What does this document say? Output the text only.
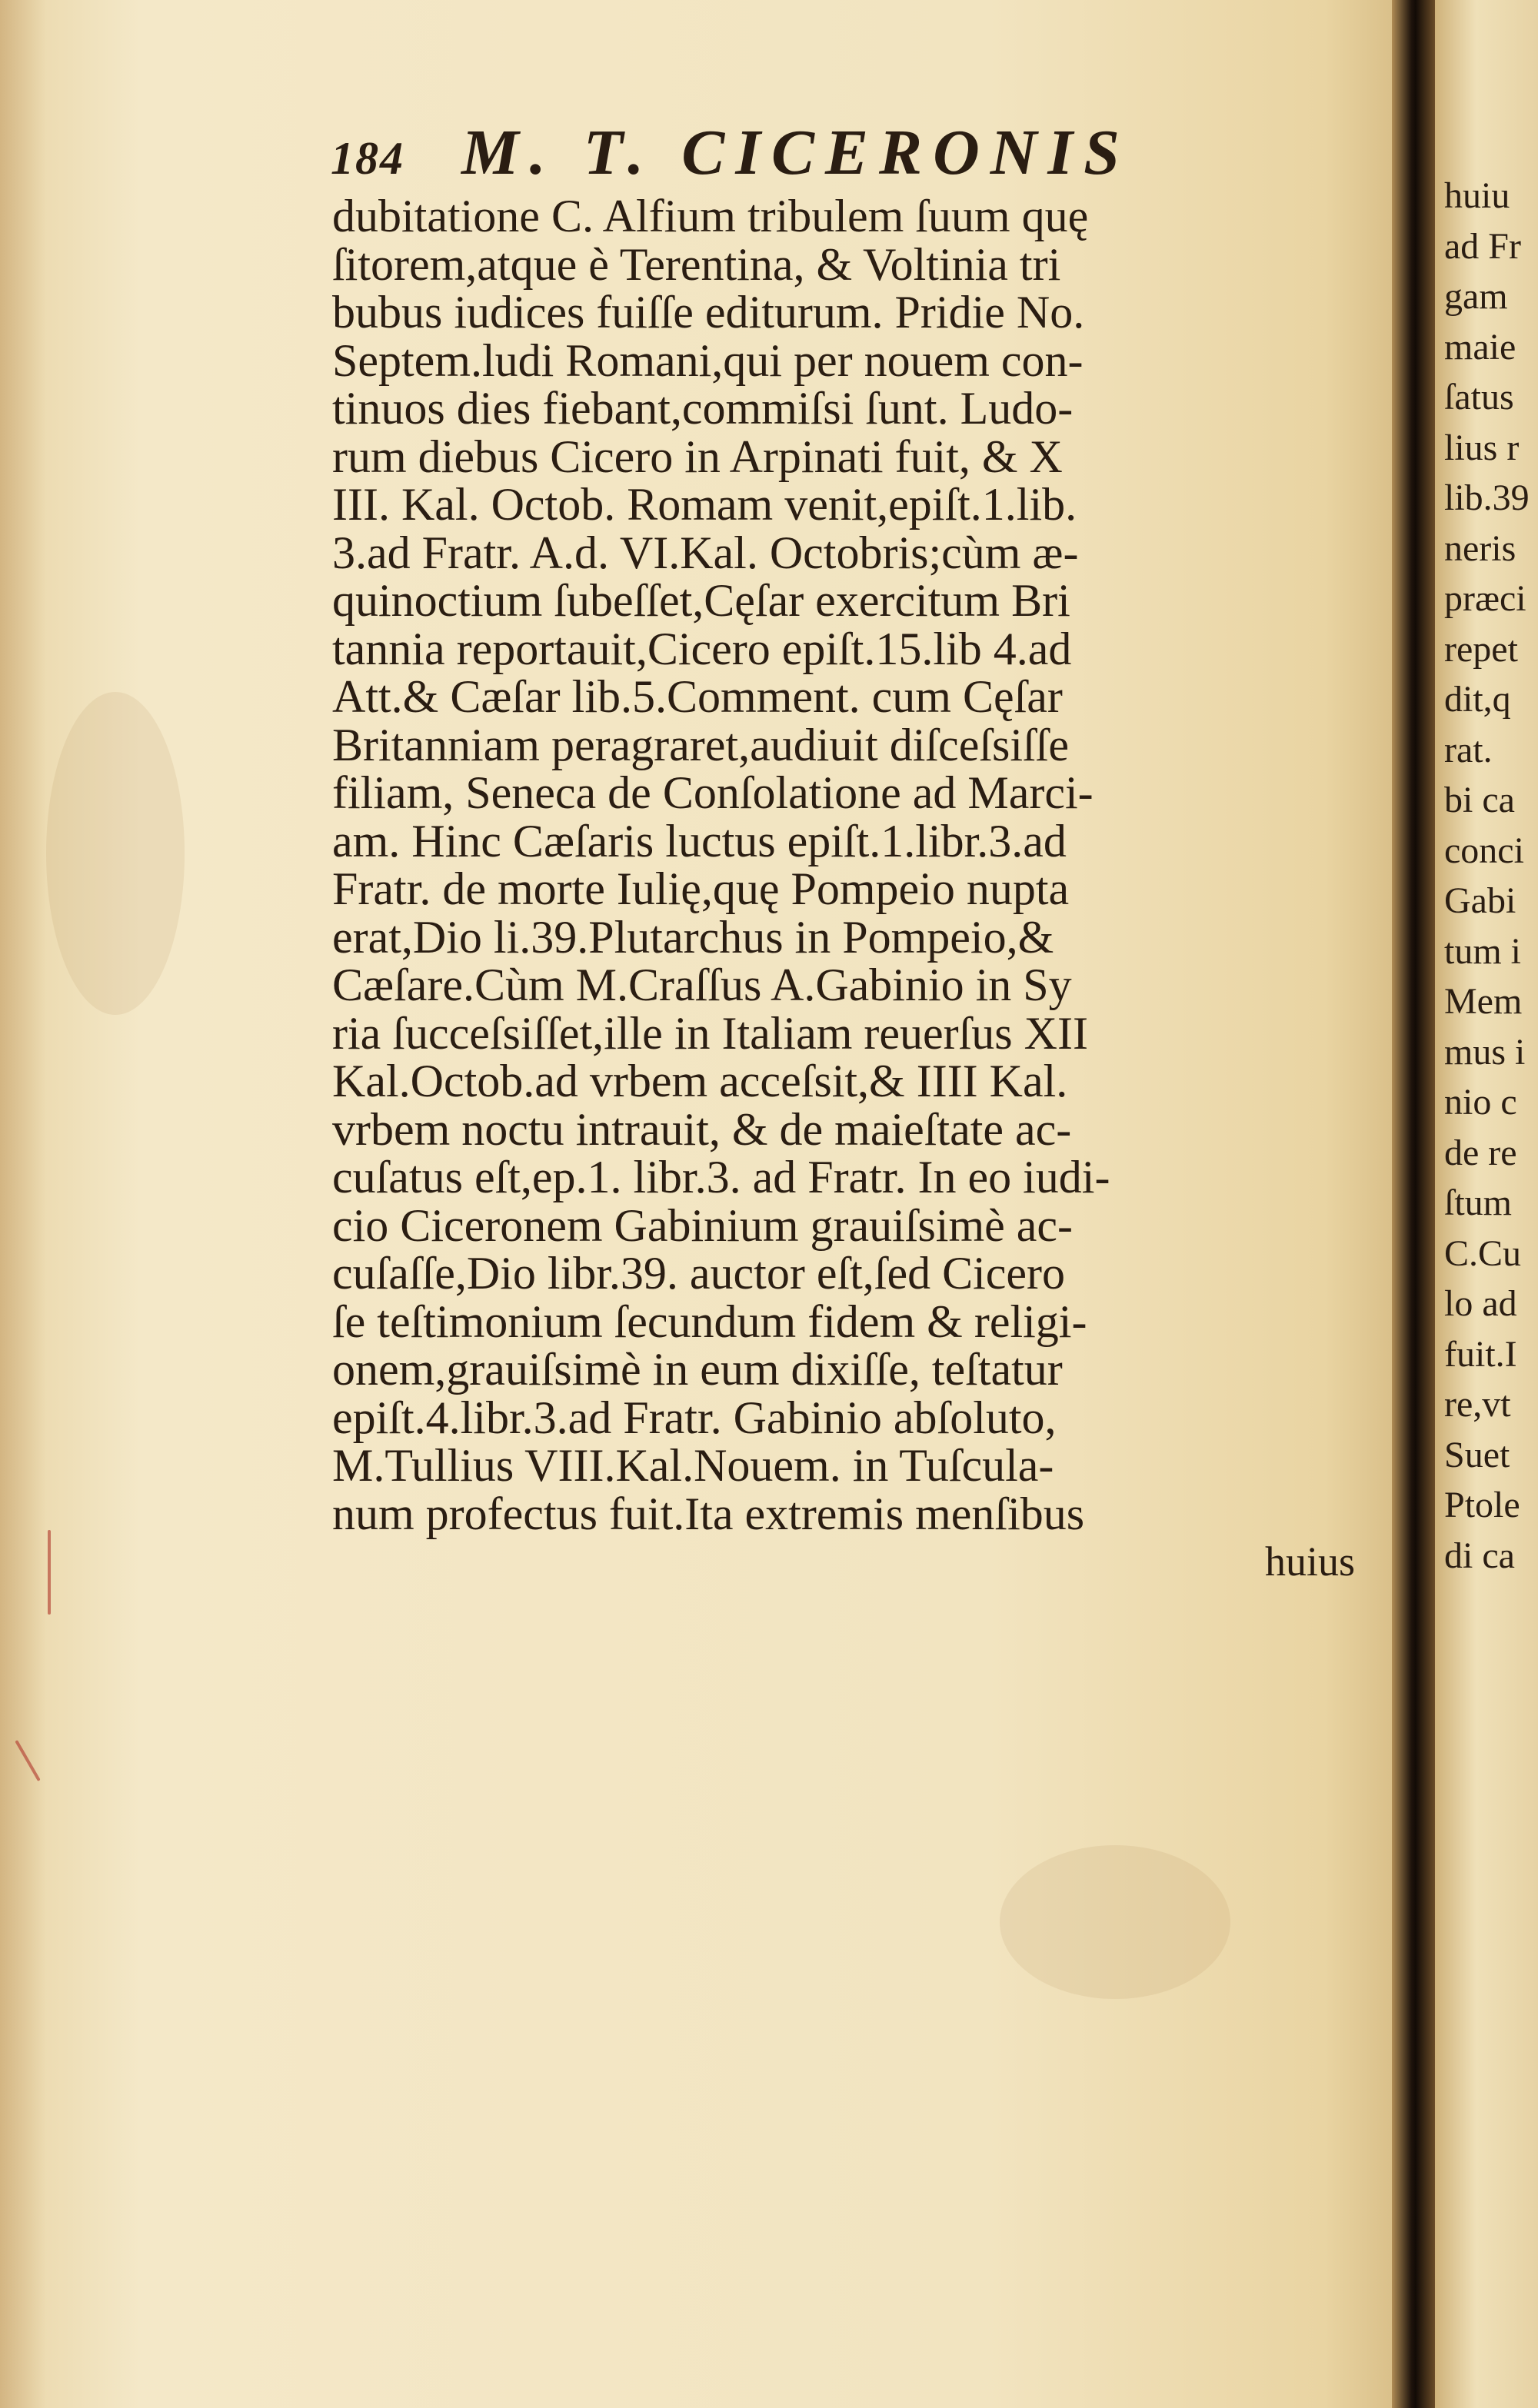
184 M. T. CICERONIS
dubitatione C. Alfium tribulem ſuum quę
ſitorem,atque è Terentina, & Voltinia tri
bubus iudices fuiſſe editurum. Pridie No.
Septem.ludi Romani,qui per nouem con-
tinuos dies fiebant,commiſsi ſunt. Ludo-
rum diebus Cicero in Arpinati fuit, & X
III. Kal. Octob. Romam venit,epiſt.1.lib.
3.ad Fratr. A.d. VI.Kal. Octobris;cùm æ-
quinoctium ſubeſſet,Cęſar exercitum Bri
tannia reportauit,Cicero epiſt.15.lib 4.ad
Att.& Cæſar lib.5.Comment. cum Cęſar
Britanniam peragraret,audiuit diſceſsiſſe
filiam, Seneca de Conſolatione ad Marci-
am. Hinc Cæſaris luctus epiſt.1.libr.3.ad
Fratr. de morte Iulię,quę Pompeio nupta
erat,Dio li.39.Plutarchus in Pompeio,&
Cæſare.Cùm M.Craſſus A.Gabinio in Sy
ria ſucceſsiſſet,ille in Italiam reuerſus XII
Kal.Octob.ad vrbem acceſsit,& IIII Kal.
vrbem noctu intrauit, & de maieſtate ac-
cuſatus eſt,ep.1. libr.3. ad Fratr. In eo iudi-
cio Ciceronem Gabinium grauiſsimè ac-
cuſaſſe,Dio libr.39. auctor eſt,ſed Cicero
ſe teſtimonium ſecundum fidem & religi-
onem,grauiſsimè in eum dixiſſe, teſtatur
epiſt.4.libr.3.ad Fratr. Gabinio abſoluto,
M.Tullius VIII.Kal.Nouem. in Tuſcula-
num profectus fuit.Ita extremis menſibus
huius
huiu
ad Fr
gam
maie
ſatus
lius r
lib.39
neris
præci
repet
dit,q
rat.
bi ca
conci
Gabi
tum i
Mem
mus i
nio c
de re
ſtum
C.Cu
lo ad
fuit.I
re,vt
Suet
Ptole
di ca
